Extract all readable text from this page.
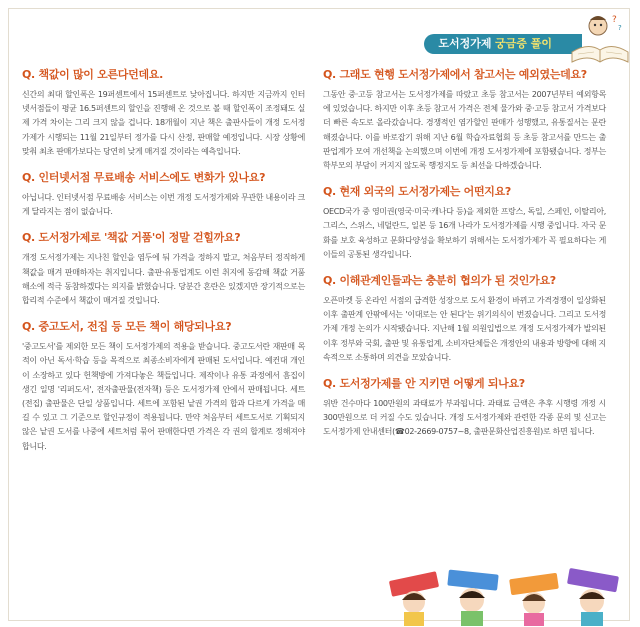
도서정가제 궁금증 풀이
?
?
Q. 책값이 많이 오른다던데요.
신간의 최대 할인폭은 19퍼센트에서 15퍼센트로 낮아집니다. 하지만 지금까지 인터넷서점들이 평균 16.5퍼센트의 할인을 진행해 온 것으로 볼 때 할인폭이 조정돼도 실제 가격 차이는 그리 크지 않을 겁니다. 18개월이 지난 책은 출판사들이 개정 도서정가제가 시행되는 11월 21일부터 정가를 다시 산정, 판매할 예정입니다. 시장 상황에 맞춰 최초 판매가보다는 당연히 낮게 매겨질 것이라는 예측입니다.
Q. 인터넷서점 무료배송 서비스에도 변화가 있나요?
아닙니다. 인터넷서점 무료배송 서비스는 이번 개정 도서정가제와 무관한 내용이라 크게 달라지는 점이 없습니다.
Q. 도서정가제로 '책값 거품'이 정말 걷힐까요?
개정 도서정가제는 지나친 할인을 염두에 둬 가격을 정하지 말고, 처음부터 정직하게 책값을 매겨 판매하자는 취지입니다. 출판·유통업계도 이런 취지에 동감해 책값 거품 해소에 적극 동참하겠다는 의지를 밝혔습니다. 당분간 혼란은 있겠지만 장기적으로는 합리적 수준에서 책값이 매겨질 것입니다.
Q. 중고도서, 전집 등 모든 책이 해당되나요?
'중고도서'를 제외한 모든 책이 도서정가제의 적용을 받습니다. 중고도서란 재판매 목적이 아닌 독서·학습 등을 목적으로 최종소비자에게 판매된 도서입니다. 예컨대 개인이 소장하고 있다 헌책방에 가져다놓은 책들입니다. 제작이나 유통 과정에서 흠집이 생긴 일명 '리퍼도서', 전자출판물(전자책) 등은 도서정가제 안에서 판매됩니다. 세트(전집) 출판물은 단일 상품입니다. 세트에 포함된 낱권 가격의 합과 다르게 가격을 매길 수 있고 그 기준으로 할인규정이 적용됩니다. 만약 처음부터 세트도서로 기획되지 않은 낱권 도서를 나중에 세트처럼 묶어 판매한다면 가격은 각 권의 합계로 정해져야 합니다.
Q. 그래도 현행 도서정가제에서 참고서는 예외였는데요?
그동안 중·고등 참고서는 도서정가제를 따랐고 초등 참고서는 2007년부터 예외항목에 있었습니다. 하지만 이후 초등 참고서 가격은 전체 물가와 중·고등 참고서 가격보다 더 빠른 속도로 올라갔습니다. 경쟁적인 염가할인 판매가 성행했고, 유통질서는 문란해졌습니다. 이를 바로잡기 위해 지난 6월 학습자료협회 등 초등 참고서를 만드는 출판업계가 모여 개선책을 논의했으며 이번에 개정 도서정가제에 포함됐습니다. 정부는 학부모의 부담이 커지지 않도록 행정지도 등 최선을 다하겠습니다.
Q. 현재 외국의 도서정가제는 어떤지요?
OECD국가 중 영미권(영국·미국·캐나다 등)을 제외한 프랑스, 독일, 스페인, 이탈리아, 그리스, 스위스, 네덜란드, 일본 등 16개 나라가 도서정가제를 시행 중입니다. 자국 문화를 보호 육성하고 문화다양성을 확보하기 위해서는 도서정가제가 꼭 필요하다는 게 이들의 공통된 생각입니다.
Q. 이해관계인들과는 충분히 협의가 된 것인가요?
오픈마켓 등 온라인 서점의 급격한 성장으로 도서 환경이 바뀌고 가격경쟁이 일상화된 이후 출판계 안팎에서는 '이대로는 안 된다'는 위기의식이 번졌습니다. 그리고 도서정가제 개정 논의가 시작됐습니다. 지난해 1월 의원입법으로 개정 도서정가제가 발의된 이후 정부와 국회, 출판 및 유통업계, 소비자단체들은 개정안의 내용과 방향에 대해 지속적으로 소통하며 의견을 모았습니다.
Q. 도서정가제를 안 지키면 어떻게 되나요?
위반 건수마다 100만원의 과태료가 부과됩니다. 과태료 금액은 추후 시행령 개정 시 300만원으로 더 커질 수도 있습니다. 개정 도서정가제와 관련한 각종 문의 및 신고는 도서정가제 안내센터(☎02-2669-0757~8, 출판문화산업진흥원)로 하면 됩니다.
